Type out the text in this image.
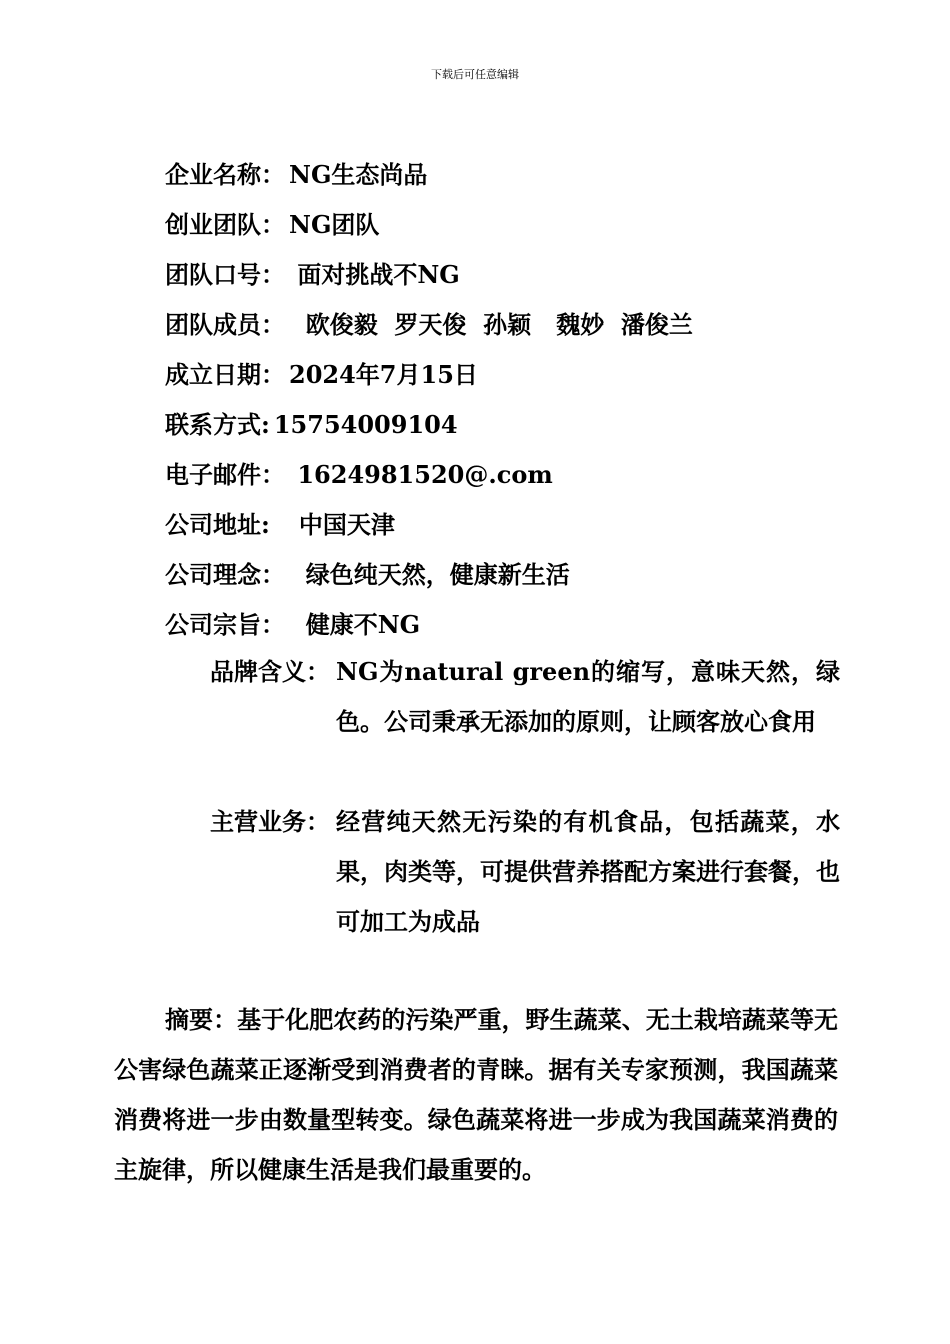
下载后可任意编辑
企业名称： NG生态尚品
创业团队： NG团队
团队口号： 面对挑战不NG
团队成员：  欧俊毅  罗天俊  孙颖   魏妙  潘俊兰
成立日期： 2024年7月15日
联系方式: 15754009104
电子邮件： 1624981520@.com
公司地址:   中国天津
公司理念：  绿色纯天然，健康新生活
公司宗旨：  健康不NG
品牌含义： NG为natural green的缩写，意味天然，绿色。公司秉承无添加的原则，让顾客放心食用
主营业务： 经营纯天然无污染的有机食品，包括蔬菜，水果，肉类等，可提供营养搭配方案进行套餐，也可加工为成品
摘要：基于化肥农药的污染严重，野生蔬菜、无土栽培蔬菜等无公害绿色蔬菜正逐渐受到消费者的青睐。据有关专家预测，我国蔬菜消费将进一步由数量型转变。绿色蔬菜将进一步成为我国蔬菜消费的主旋律，所以健康生活是我们最重要的。
